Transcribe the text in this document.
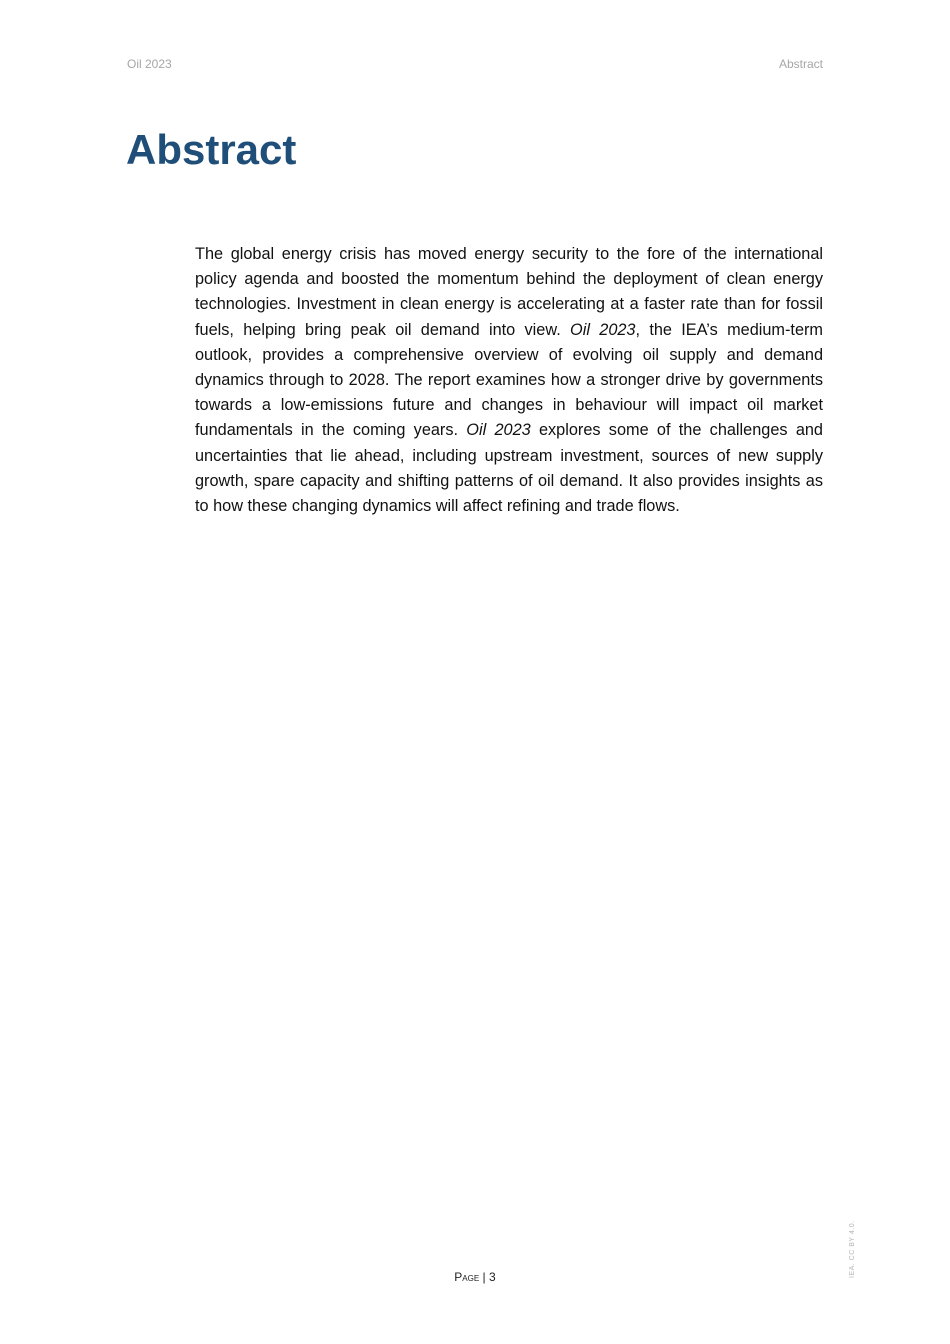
Oil 2023	Abstract
Abstract

The global energy crisis has moved energy security to the fore of the international policy agenda and boosted the momentum behind the deployment of clean energy technologies. Investment in clean energy is accelerating at a faster rate than for fossil fuels, helping bring peak oil demand into view. Oil 2023, the IEA’s medium-term outlook, provides a comprehensive overview of evolving oil supply and demand dynamics through to 2028. The report examines how a stronger drive by governments towards a low-emissions future and changes in behaviour will impact oil market fundamentals in the coming years. Oil 2023 explores some of the challenges and uncertainties that lie ahead, including upstream investment, sources of new supply growth, spare capacity and shifting patterns of oil demand. It also provides insights as to how these changing dynamics will affect refining and trade flows.

Page | 3	IEA. CC BY 4.0.
